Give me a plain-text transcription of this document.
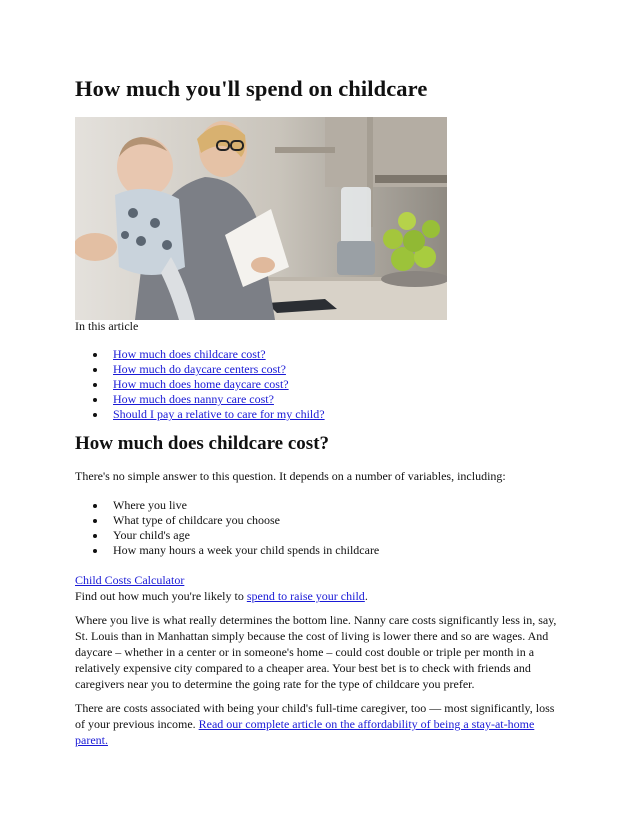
How much you'll spend on childcare
In this article
How much does childcare cost?
How much do daycare centers cost?
How much does home daycare cost?
How much does nanny care cost?
Should I pay a relative to care for my child?
How much does childcare cost?

There's no simple answer to this question. It depends on a number of variables, including:

Where you live
What type of childcare you choose
Your child's age
How many hours a week your child spends in childcare

Child Costs Calculator

Find out how much you're likely to spend to raise your child.

Where you live is what really determines the bottom line. Nanny care costs significantly less in, say, St. Louis than in Manhattan simply because the cost of living is lower there and so are wages. And daycare – whether in a center or in someone's home – could cost double or triple per month in a relatively expensive city compared to a cheaper area. Your best bet is to check with friends and caregivers near you to determine the going rate for the type of childcare you prefer.

There are costs associated with being your child's full-time caregiver, too — most significantly, loss of your previous income. Read our complete article on the affordability of being a stay-at-home parent.
